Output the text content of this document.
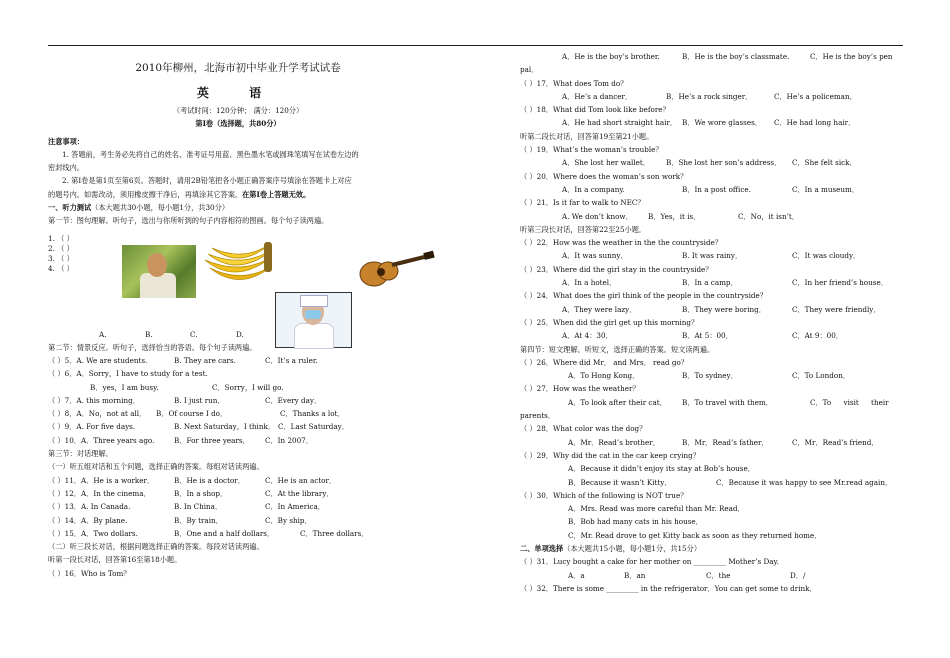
2010年柳州，北海市初中毕业升学考试试卷
英 语
（考试时间：120分钟； 满分：120分）
第Ⅰ卷（选择题，共80分）
注意事项：
1. 答题前，考生务必先将自己的姓名、准考证号用蓝、黑色墨水笔或圆珠笔填写在试卷左边的
密封线内。
2. 第Ⅰ卷是第1页至第6页。答题时，请用2B铅笔把各小题正确答案序号填涂在答题卡上对应
的题号内。如需改动，须用橡皮擦干净后，再填涂其它答案。在第Ⅰ卷上答题无效。
一、听力测试（本大题共30小题，每小题1分，共30分）
第一节：图句理解。听句子，选出与你所听到的句子内容相符的图画。每个句子读两遍。
1. （ ）
2. （ ）
3. （ ）
4. （ ）
A.	B.	C.	D.
第二节：情景反应。听句子，选择恰当的答语。每个句子读两遍。
（ ）5．A. We are students.	B. They are cars.	C．It’s a ruler.
（ ）6．A．Sorry，I have to study for a test.
B．yes，I am busy.	C．Sorry，I will go.
（ ）7．A. this morning．	B. I just run．	C．Every day．
（ ）8．A．No，not at all． B．Of course I do．	C．Thanks a lot．
（ ）9．A. For five days.	B. Next Saturday，I think． C．Last Saturday．
（ ）10．A．Three years ago.	B．For three years． C．In 2007．
第三节：对话理解。
（一）听五组对话和五个问题，选择正确的答案。每组对话读两遍。
（ ）11．A．He is a worker．	B．He is a doctor．	C．He is an actor．
（ ）12．A．In the cinema．	B．In a shop．	C．At the library．
（ ）13．A. In Canada.	B. In China．	C．In America．
（ ）14．A．By plane.	B．By train．	C．By ship．
（ ）15．A．Two dollars.	B．One and a half dollars．	C．Three dollars．
（二）听三段长对话，根据问题选择正确的答案。每段对话读两遍。
听第一段长对话，回答第16至第18小题。
（ ）16．Who is Tom？
A．He is the boy’s brother.	B．He is the boy’s classmate.	C．He is the boy’s pen
pal．
（ ）17．What does Tom do？
A．He’s a dancer．	B．He’s a rock singer．	C．He’s a policeman．
（ ）18．What did Tom look like before？
A．He had short straight hair． B．We wore glasses． C．He had long hair．
听第二段长对话，回答第19至第21小题。
（ ）19．What’s the woman’s trouble？
A．She lost her wallet． B．She lost her son’s address． C．She felt sick．
（ ）20．Where does the woman’s son work？
A．In a company.	B．In a post office.	C．In a museum．
（ ）21．Is it far to walk to NEC？
A. We don’t know． B．Yes，it is．	C．No，it isn’t．
听第三段长对话，回答第22至25小题．
（ ）22．How was the weather in the the countryside？
A．It was sunny．	B. It was rainy．	C．It was cloudy．
（ ）23．Where did the girl stay in the countryside？
A．In a hotel．	B．In a camp．	C．In her friend’s house．
（ ）24．What does the girl think of the people in the countryside？
A．They were lazy．	B．They were boring．	C．They were friendly．
（ ）25．When did the girl get up this morning？
A．At 4：30．	B．At 5：00．	C．At 9：00．
第四节：短文理解。听短文，选择正确的答案。短文读两遍。
（ ）26．Where did Mr． and Mrs． read go？
A．To Hong Kong．	B．To sydney．	C．To London．
（ ）27．How was the weather？
A．To look after their cat． B．To travel with them．	C．To visit their
parents．
（ ）28．What color was the dog？
A．Mr．Read’s brother．	B．Mr．Read’s father．	C．Mr．Read’s friend．
（ ）29．Why did the cat in the car keep crying？
A．Because it didn’t enjoy its stay at Bob’s house．
B．Because it wasn’t Kitty．	C．Because it was happy to see Mr.read again．
（ ）30．Which of the following is NOT true？
A．Mrs. Read was more careful than Mr. Read．
B．Bob had many cats in his house．
C．Mr. Read drove to get Kitty back as soon as they returned home．
二、单项选择（本大题共15小题，每小题1分，共15分）
（ ）31．Lucy bought a cake for her mother on _________ Mother’s Day.
A．a	B．an	C．the	D．/
（ ）32．There is some _________ in the refrigerator．You can get some to drink．
